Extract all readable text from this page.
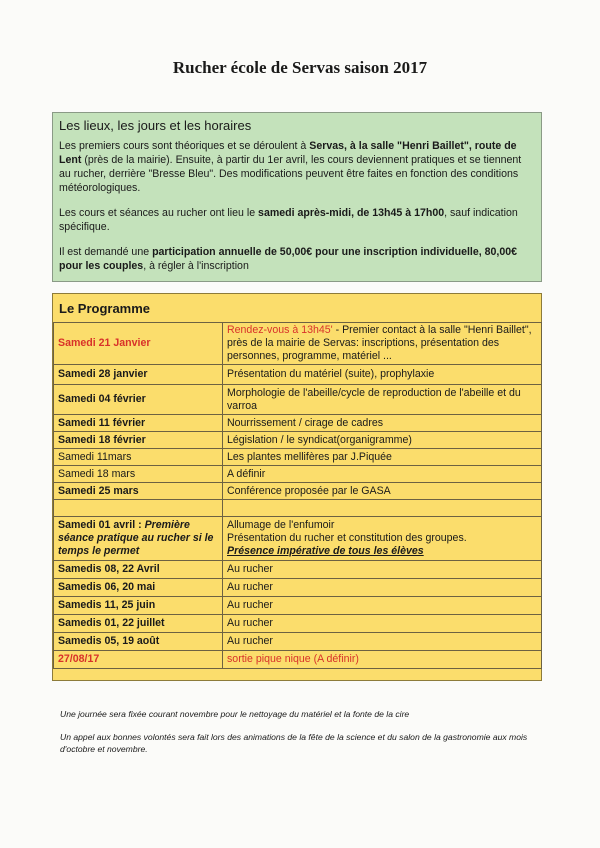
Rucher école de Servas saison 2017
Les lieux, les jours et les horaires

Les premiers cours sont théoriques et se déroulent à Servas, à la salle "Henri Baillet", route de Lent (près de la mairie). Ensuite, à partir du 1er avril, les cours deviennent pratiques et se tiennent au rucher, derrière "Bresse Bleu". Des modifications peuvent être faites en fonction des conditions météorologiques.

Les cours et séances au rucher ont lieu le samedi après-midi, de 13h45 à 17h00, sauf indication spécifique.

Il est demandé une participation annuelle de 50,00€ pour une inscription individuelle, 80,00€ pour les couples, à régler à l'inscription

Le Programme
Samedi 21 Janvier	Rendez-vous à 13h45' - Premier contact à la salle "Henri Baillet", près de la mairie de Servas: inscriptions, présentation des personnes, programme, matériel ...
Samedi 28 janvier	Présentation du matériel (suite), prophylaxie
Samedi 04 février	Morphologie de l'abeille/cycle de reproduction de l'abeille et du varroa
Samedi 11 février	Nourrissement / cirage de cadres
Samedi 18 février	Législation / le syndicat(organigramme)
Samedi 11mars	Les plantes mellifères par J.Piquée
Samedi 18 mars	A définir
Samedi 25 mars	Conférence proposée par le GASA

Samedi 01 avril : Première séance pratique au rucher si le temps le permet	Allumage de l'enfumoir
Présentation du rucher et constitution des groupes.
Présence impérative de tous les élèves

Samedis 08, 22 Avril	Au rucher
Samedis 06, 20 mai	Au rucher
Samedis 11, 25 juin	Au rucher
Samedis 01, 22 juillet	Au rucher
Samedis 05, 19 août	Au rucher
27/08/17	sortie pique nique (A définir)
Une journée sera fixée courant novembre pour le nettoyage du matériel et la fonte de la cire
Un appel aux bonnes volontés sera fait lors des animations de la fête de la science et du salon de la gastronomie aux mois d'octobre et novembre.
